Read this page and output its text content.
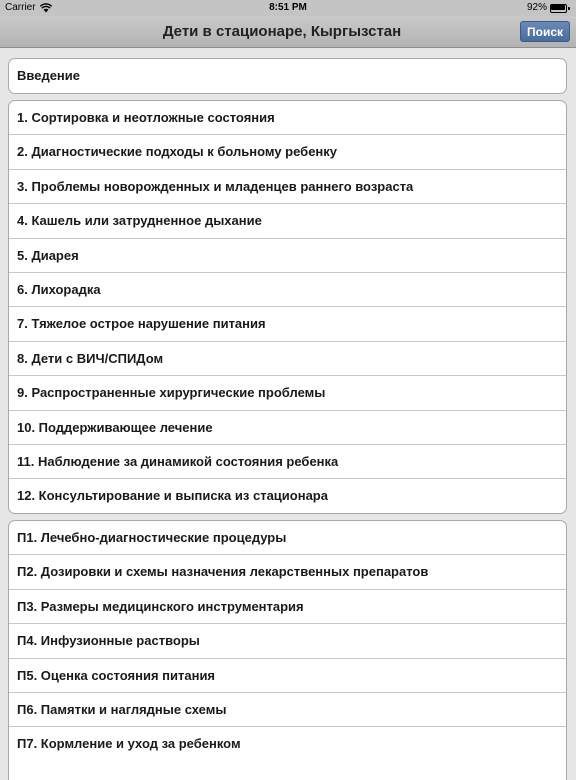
Carrier	8:51 PM	92%
Дети в стационаре, Кыргызстан	Поиск
Введение
1. Сортировка и неотложные состояния
2. Диагностические подходы к больному ребенку
3. Проблемы новорожденных и младенцев раннего возраста
4. Кашель или затрудненное дыхание
5. Диарея
6. Лихорадка
7. Тяжелое острое нарушение питания
8. Дети с ВИЧ/СПИДом
9. Распространенные хирургические проблемы
10. Поддерживающее лечение
11. Наблюдение за динамикой состояния ребенка
12. Консультирование и выписка из стационара
П1. Лечебно-диагностические процедуры
П2. Дозировки и схемы назначения лекарственных препаратов
П3. Размеры медицинского инструментария
П4. Инфузионные растворы
П5. Оценка состояния питания
П6. Памятки и наглядные схемы
П7. Кормление и уход за ребенком
